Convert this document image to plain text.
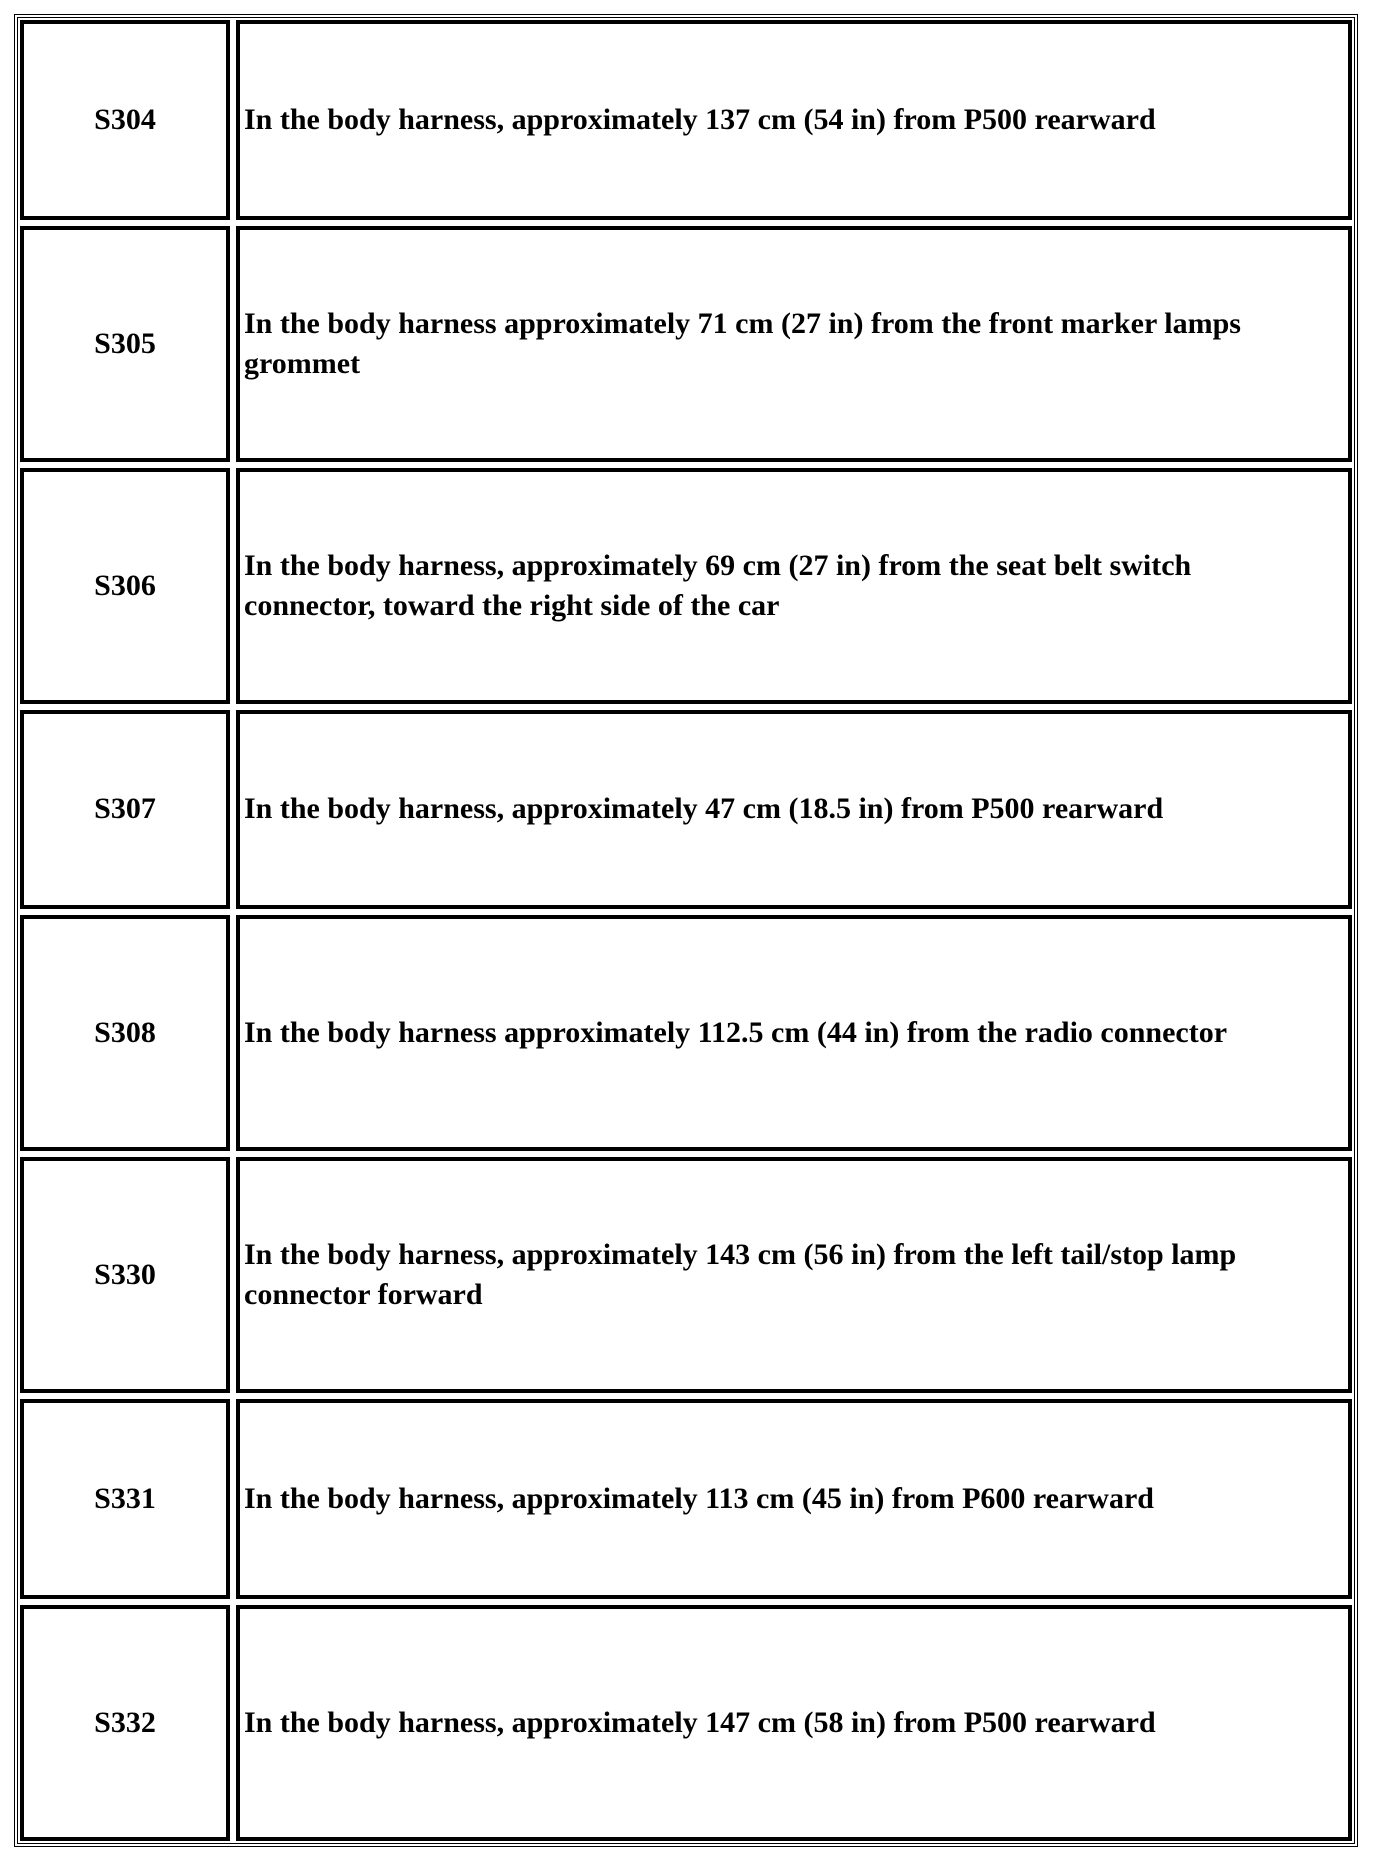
S304	In the body harness, approximately 137 cm (54 in) from P500 rearward
S305	In the body harness approximately 71 cm (27 in) from the front marker lamps grommet
S306	In the body harness, approximately 69 cm (27 in) from the seat belt switch connector, toward the right side of the car
S307	In the body harness, approximately 47 cm (18.5 in) from P500 rearward
S308	In the body harness approximately 112.5 cm (44 in) from the radio connector
S330	In the body harness, approximately 143 cm (56 in) from the left tail/stop lamp connector forward
S331	In the body harness, approximately 113 cm (45 in) from P600 rearward
S332	In the body harness, approximately 147 cm (58 in) from P500 rearward
